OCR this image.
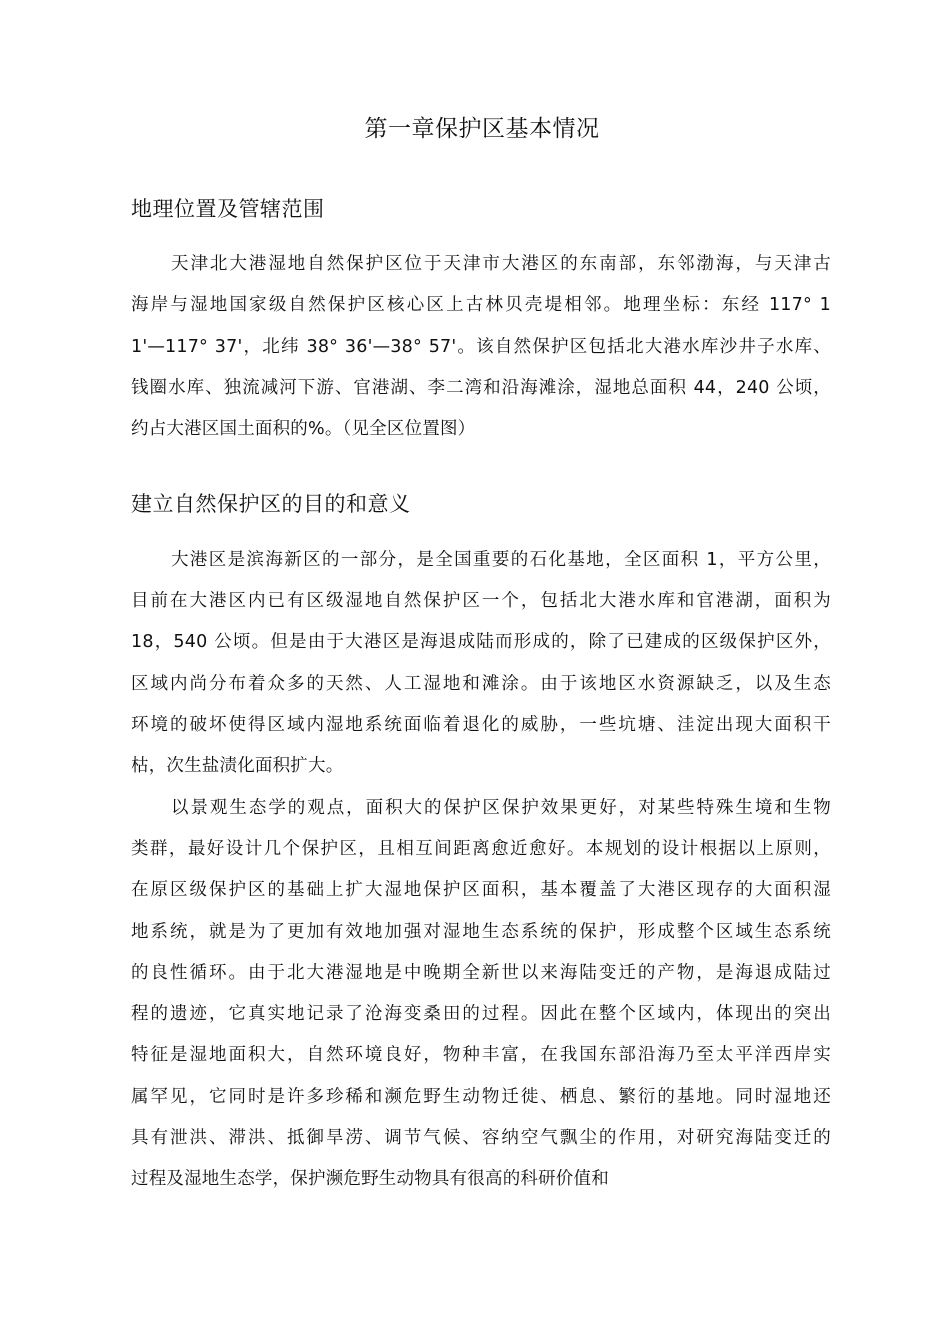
第一章保护区基本情况
地理位置及管辖范围
天津北大港湿地自然保护区位于天津市大港区的东南部，东邻渤海，与天津古
海岸与湿地国家级自然保护区核心区上古林贝壳堤相邻。地理坐标：东经 117° 1
1'—117° 37'，北纬 38° 36'—38° 57'。该自然保护区包括北大港水库沙井子水库、
钱圈水库、独流减河下游、官港湖、李二湾和沿海滩涂，湿地总面积 44，240 公顷，
约占大港区国土面积的%。（见全区位置图）
建立自然保护区的目的和意义
大港区是滨海新区的一部分，是全国重要的石化基地，全区面积 1，平方公里，
目前在大港区内已有区级湿地自然保护区一个，包括北大港水库和官港湖，面积为
18，540 公顷。但是由于大港区是海退成陆而形成的，除了已建成的区级保护区外，
区域内尚分布着众多的天然、人工湿地和滩涂。由于该地区水资源缺乏，以及生态
环境的破坏使得区域内湿地系统面临着退化的威胁，一些坑塘、洼淀出现大面积干
枯，次生盐渍化面积扩大。
以景观生态学的观点，面积大的保护区保护效果更好，对某些特殊生境和生物
类群，最好设计几个保护区，且相互间距离愈近愈好。本规划的设计根据以上原则，
在原区级保护区的基础上扩大湿地保护区面积，基本覆盖了大港区现存的大面积湿
地系统，就是为了更加有效地加强对湿地生态系统的保护，形成整个区域生态系统
的良性循环。由于北大港湿地是中晚期全新世以来海陆变迁的产物，是海退成陆过
程的遗迹，它真实地记录了沧海变桑田的过程。因此在整个区域内，体现出的突出
特征是湿地面积大，自然环境良好，物种丰富，在我国东部沿海乃至太平洋西岸实
属罕见，它同时是许多珍稀和濒危野生动物迁徙、栖息、繁衍的基地。同时湿地还
具有泄洪、滞洪、抵御旱涝、调节气候、容纳空气飘尘的作用，对研究海陆变迁的
过程及湿地生态学，保护濒危野生动物具有很高的科研价值和
